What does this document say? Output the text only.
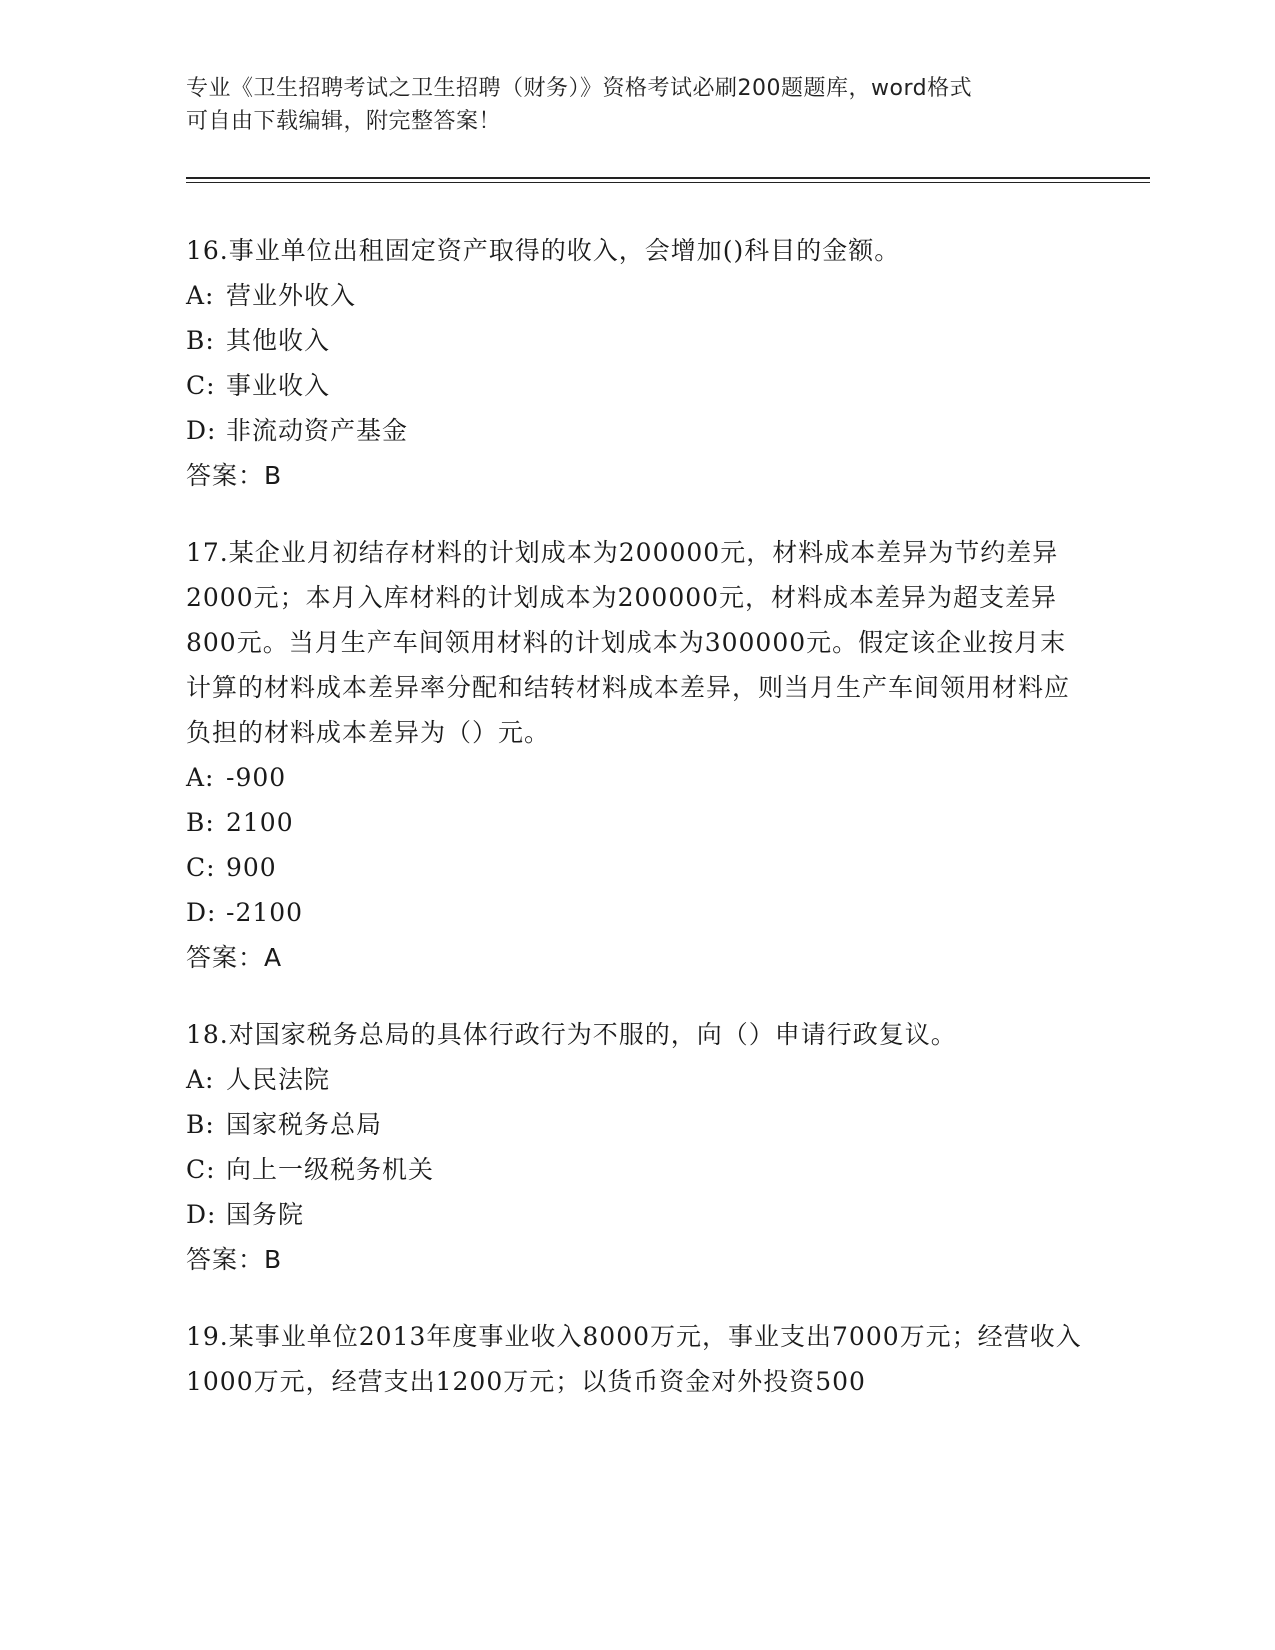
专业《卫生招聘考试之卫生招聘（财务）》资格考试必刷200题题库，word格式
可自由下载编辑，附完整答案！
16.事业单位出租固定资产取得的收入，会增加()科目的金额。
A: 营业外收入
B: 其他收入
C: 事业收入
D: 非流动资产基金
答案：B
17.某企业月初结存材料的计划成本为200000元，材料成本差异为节约差异2000元；本月入库材料的计划成本为200000元，材料成本差异为超支差异800元。当月生产车间领用材料的计划成本为300000元。假定该企业按月末计算的材料成本差异率分配和结转材料成本差异，则当月生产车间领用材料应负担的材料成本差异为（）元。
A: -900
B: 2100
C: 900
D: -2100
答案：A
18.对国家税务总局的具体行政行为不服的，向（）申请行政复议。
A: 人民法院
B: 国家税务总局
C: 向上一级税务机关
D: 国务院
答案：B
19.某事业单位2013年度事业收入8000万元，事业支出7000万元；经营收入1000万元，经营支出1200万元；以货币资金对外投资500
